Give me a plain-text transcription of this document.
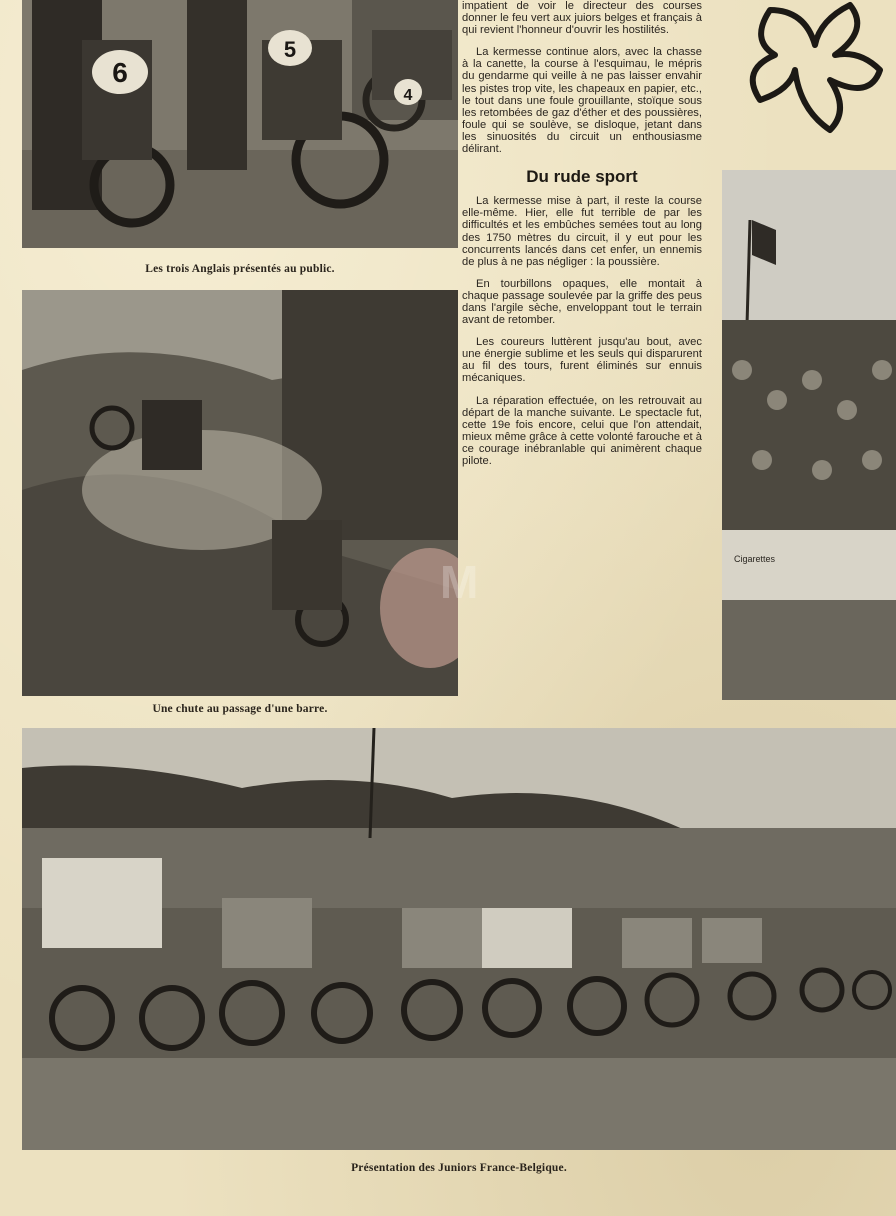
6
5
4
Les trois Anglais présentés au public.
Une chute au passage d'une barre.
M

impatient de voir le directeur des courses donner le feu vert aux juiors belges et français à qui revient l'honneur d'ouvrir les hostilités.

La kermesse continue alors, avec la chasse à la canette, la course à l'esquimau, le mépris du gendarme qui veille à ne pas laisser envahir les pistes trop vite, les chapeaux en papier, etc., le tout dans une foule grouillante, stoïque sous les retombées de gaz d'éther et des poussières, foule qui se soulève, se disloque, jetant dans les sinuosités du circuit un enthousiasme délirant.

Du rude sport

La kermesse mise à part, il reste la course elle-même. Hier, elle fut terrible de par les difficultés et les embûches semées tout au long des 1750 mètres du circuit, il y eut pour les concurrents lancés dans cet enfer, un ennemis de plus à ne pas négliger : la poussière.

En tourbillons opaques, elle montait à chaque passage soulevée par la griffe des peus dans l'argile sèche, enveloppant tout le terrain avant de retomber.

Les coureurs luttèrent jusqu'au bout, avec une énergie sublime et les seuls qui disparurent au fil des tours, furent éliminés sur ennuis mécaniques.

La réparation effectuée, on les retrouvait au départ de la manche suivante. Le spectacle fut, cette 19e fois encore, celui que l'on attendait, mieux même grâce à cette volonté farouche et à ce courage inébranlable qui animèrent chaque pilote.

Cigarettes
Présentation des Juniors France-Belgique.
